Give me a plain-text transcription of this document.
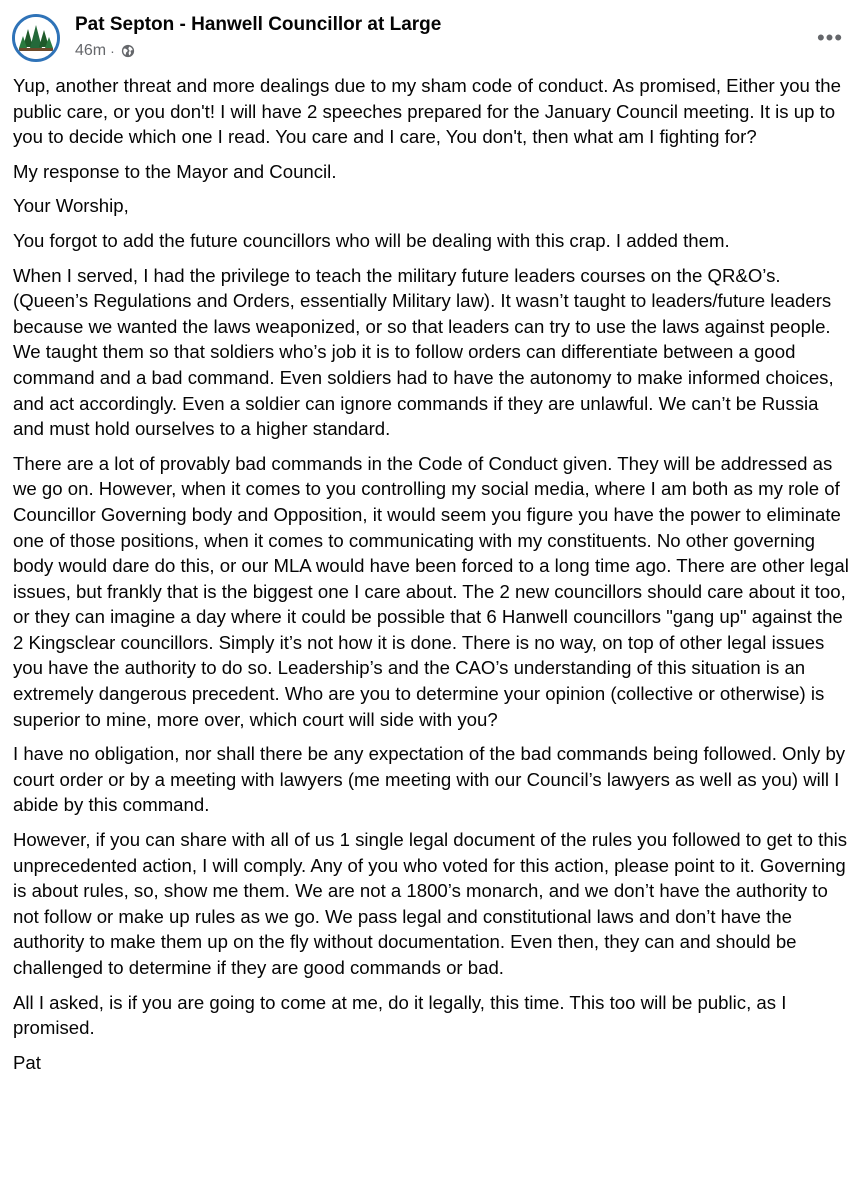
Pat Septon - Hanwell Councillor at Large
46m ·
•••

Yup, another threat and more dealings due to my sham code of conduct. As promised, Either you the public care, or you don't! I will have 2 speeches prepared for the January Council meeting. It is up to you to decide which one I read. You care and I care, You don't, then what am I fighting for?

My response to the Mayor and Council.

Your Worship,

You forgot to add the future councillors who will be dealing with this crap. I added them.

When I served, I had the privilege to teach the military future leaders courses on the QR&O’s. (Queen’s Regulations and Orders, essentially Military law). It wasn’t taught to leaders/future leaders because we wanted the laws weaponized, or so that leaders can try to use the laws against people. We taught them so that soldiers who’s job it is to follow orders can differentiate between a good command and a bad command. Even soldiers had to have the autonomy to make informed choices, and act accordingly. Even a soldier can ignore commands if they are unlawful. We can’t be Russia and must hold ourselves to a higher standard.

There are a lot of provably bad commands in the Code of Conduct given. They will be addressed as we go on. However, when it comes to you controlling my social media, where I am both as my role of Councillor Governing body and Opposition, it would seem you figure you have the power to eliminate one of those positions, when it comes to communicating with my constituents. No other governing body would dare do this, or our MLA would have been forced to a long time ago. There are other legal issues, but frankly that is the biggest one I care about. The 2 new councillors should care about it too, or they can imagine a day where it could be possible that 6 Hanwell councillors "gang up" against the 2 Kingsclear councillors. Simply it’s not how it is done. There is no way, on top of other legal issues you have the authority to do so. Leadership’s and the CAO’s understanding of this situation is an extremely dangerous precedent. Who are you to determine your opinion (collective or otherwise) is superior to mine, more over, which court will side with you?

I have no obligation, nor shall there be any expectation of the bad commands being followed. Only by court order or by a meeting with lawyers (me meeting with our Council’s lawyers as well as you) will I abide by this command.

However, if you can share with all of us 1 single legal document of the rules you followed to get to this unprecedented action, I will comply. Any of you who voted for this action, please point to it. Governing is about rules, so, show me them. We are not a 1800’s monarch, and we don’t have the authority to not follow or make up rules as we go. We pass legal and constitutional laws and don’t have the authority to make them up on the fly without documentation. Even then, they can and should be challenged to determine if they are good commands or bad.

All I asked, is if you are going to come at me, do it legally, this time. This too will be public, as I promised.

Pat
